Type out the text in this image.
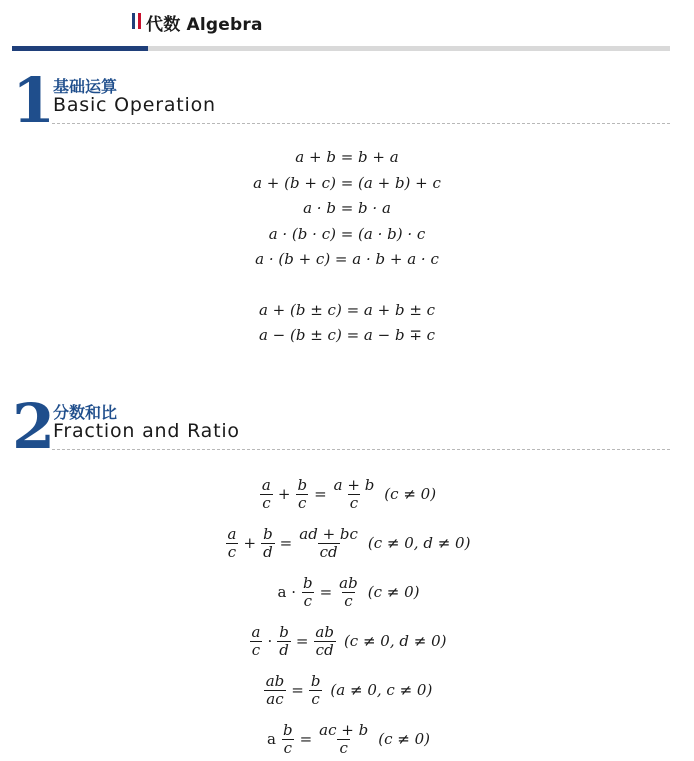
代数 Algebra
1
基础运算
Basic Operation
a + b = b + a
a + (b + c) = (a + b) + c
a · b = b · a
a · (b · c) = (a · b) · c
a · (b + c) = a · b + a · c
a + (b ± c) = a + b ± c
a − (b ± c) = a − b ∓ c
2
分数和比
Fraction and Ratio
$\frac{a}{c} + \frac{b}{c} = \frac{a + b}{c} (c \ne 0)$
$\frac{a}{c} + \frac{b}{d} = \frac{ad + bc}{cd} (c \ne 0$, d ≠ 0)
$a \cdot \frac{b}{c} = \frac{ab}{c} (c \ne 0)$
$\frac{a}{c} \cdot \frac{b}{d} = \frac{ab}{cd} (c \ne 0$, d ≠ 0)
$\frac{ab}{ac} = \frac{b}{c} (a \ne 0$, c ≠ 0)
a $\frac{b}{c} = \frac{ac + b}{c} (c \ne 0)$
